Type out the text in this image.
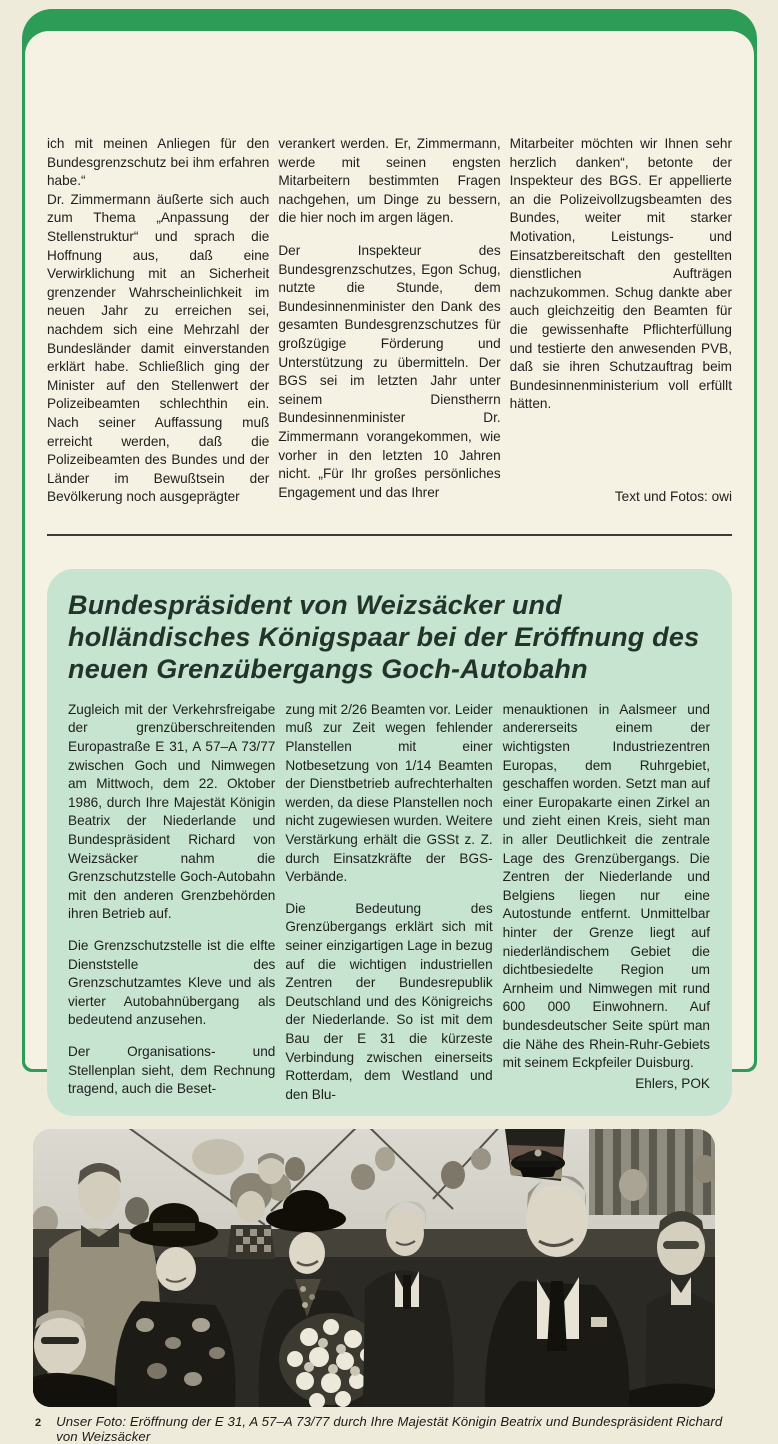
ich mit meinen Anliegen für den Bundesgrenzschutz bei ihm erfahren habe.“

Dr. Zimmermann äußerte sich auch zum Thema „Anpassung der Stellenstruktur“ und sprach die Hoffnung aus, daß eine Verwirklichung mit an Sicherheit grenzender Wahrscheinlichkeit im neuen Jahr zu erreichen sei, nachdem sich eine Mehrzahl der Bundesländer damit einverstanden erklärt habe. Schließlich ging der Minister auf den Stellenwert der Polizeibeamten schlechthin ein. Nach seiner Auffassung muß erreicht werden, daß die Polizeibeamten des Bundes und der Länder im Bewußtsein der Bevölkerung noch ausgeprägter

verankert werden. Er, Zimmermann, werde mit seinen engsten Mitarbeitern bestimmten Fragen nachgehen, um Dinge zu bessern, die hier noch im argen lägen.

Der Inspekteur des Bundesgrenzschutzes, Egon Schug, nutzte die Stunde, dem Bundesinnenminister den Dank des gesamten Bundesgrenzschutzes für großzügige Förderung und Unterstützung zu übermitteln. Der BGS sei im letzten Jahr unter seinem Dienstherrn Bundesinnenminister Dr. Zimmermann vorangekommen, wie vorher in den letzten 10 Jahren nicht. „Für Ihr großes persönliches Engagement und das Ihrer

Mitarbeiter möchten wir Ihnen sehr herzlich danken“, betonte der Inspekteur des BGS. Er appellierte an die Polizeivollzugsbeamten des Bundes, weiter mit starker Motivation, Leistungs- und Einsatzbereitschaft den gestellten dienstlichen Aufträgen nachzukommen. Schug dankte aber auch gleichzeitig den Beamten für die gewissenhafte Pflichterfüllung und testierte den anwesenden PVB, daß sie ihren Schutzauftrag beim Bundesinnenministerium voll erfüllt hätten.

Text und Fotos: owi
Bundespräsident von Weizsäcker und holländisches Königspaar bei der Eröffnung des neuen Grenzübergangs Goch-Autobahn

Zugleich mit der Verkehrsfreigabe der grenzüberschreitenden Europastraße E 31, A 57–A 73/77 zwischen Goch und Nimwegen am Mittwoch, dem 22. Oktober 1986, durch Ihre Majestät Königin Beatrix der Niederlande und Bundespräsident Richard von Weizsäcker nahm die Grenzschutzstelle Goch-Autobahn mit den anderen Grenzbehörden ihren Betrieb auf.

Die Grenzschutzstelle ist die elfte Dienststelle des Grenzschutzamtes Kleve und als vierter Autobahnübergang als bedeutend anzusehen.

Der Organisations- und Stellenplan sieht, dem Rechnung tragend, auch die Beset-

zung mit 2/26 Beamten vor. Leider muß zur Zeit wegen fehlender Planstellen mit einer Notbesetzung von 1/14 Beamten der Dienstbetrieb aufrechterhalten werden, da diese Planstellen noch nicht zugewiesen wurden. Weitere Verstärkung erhält die GSSt z. Z. durch Einsatzkräfte der BGS-Verbände.

Die Bedeutung des Grenzübergangs erklärt sich mit seiner einzigartigen Lage in bezug auf die wichtigen industriellen Zentren der Bundesrepublik Deutschland und des Königreichs der Niederlande. So ist mit dem Bau der E 31 die kürzeste Verbindung zwischen einerseits Rotterdam, dem Westland und den Blu-

menauktionen in Aalsmeer und andererseits einem der wichtigsten Industriezentren Europas, dem Ruhrgebiet, geschaffen worden. Setzt man auf einer Europakarte einen Zirkel an und zieht einen Kreis, sieht man in aller Deutlichkeit die zentrale Lage des Grenzübergangs. Die Zentren der Niederlande und Belgiens liegen nur eine Autostunde entfernt. Unmittelbar hinter der Grenze liegt auf niederländischem Gebiet die dichtbesiedelte Region um Arnheim und Nimwegen mit rund 600 000 Einwohnern. Auf bundesdeutscher Seite spürt man die Nähe des Rhein-Ruhr-Gebiets mit seinem Eckpfeiler Duisburg.

Ehlers, POK
2 Unser Foto: Eröffnung der E 31, A 57–A 73/77 durch Ihre Majestät Königin Beatrix und Bundespräsident Richard von Weizsäcker
